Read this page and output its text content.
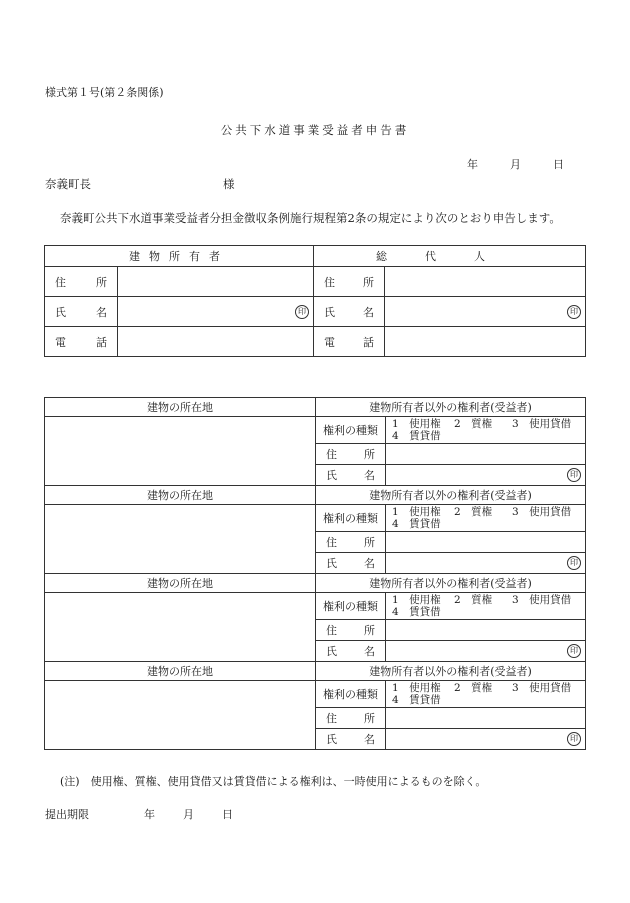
様式第１号(第２条関係)
公共下水道事業受益者申告書
年	月	日
奈義町長	様
奈義町公共下水道事業受益者分担金徴収条例施行規程第2条の規定により次のとおり申告します。
建物所有者		総代人	
住所		住所	
氏名	印	氏名	印
電話		電話	
建物の所在地	建物所有者以外の権利者(受益者)	
	権利の種類	1　使用権 2　質権 3　使用貸借
4　賃貸借

	住所	
	氏名	印
建物の所在地	建物所有者以外の権利者(受益者)	
	権利の種類	1　使用権 2　質権 3　使用貸借
4　賃貸借

	住所	
	氏名	印
建物の所在地	建物所有者以外の権利者(受益者)	
	権利の種類	1　使用権 2　質権 3　使用貸借
4　賃貸借

	住所	
	氏名	印
建物の所在地	建物所有者以外の権利者(受益者)	
	権利の種類	1　使用権 2　質権 3　使用貸借
4　賃貸借

	住所	
	氏名	印
(注)　使用権、質権、使用貸借又は賃貸借による権利は、一時使用によるものを除く。
提出期限	年	月	日
